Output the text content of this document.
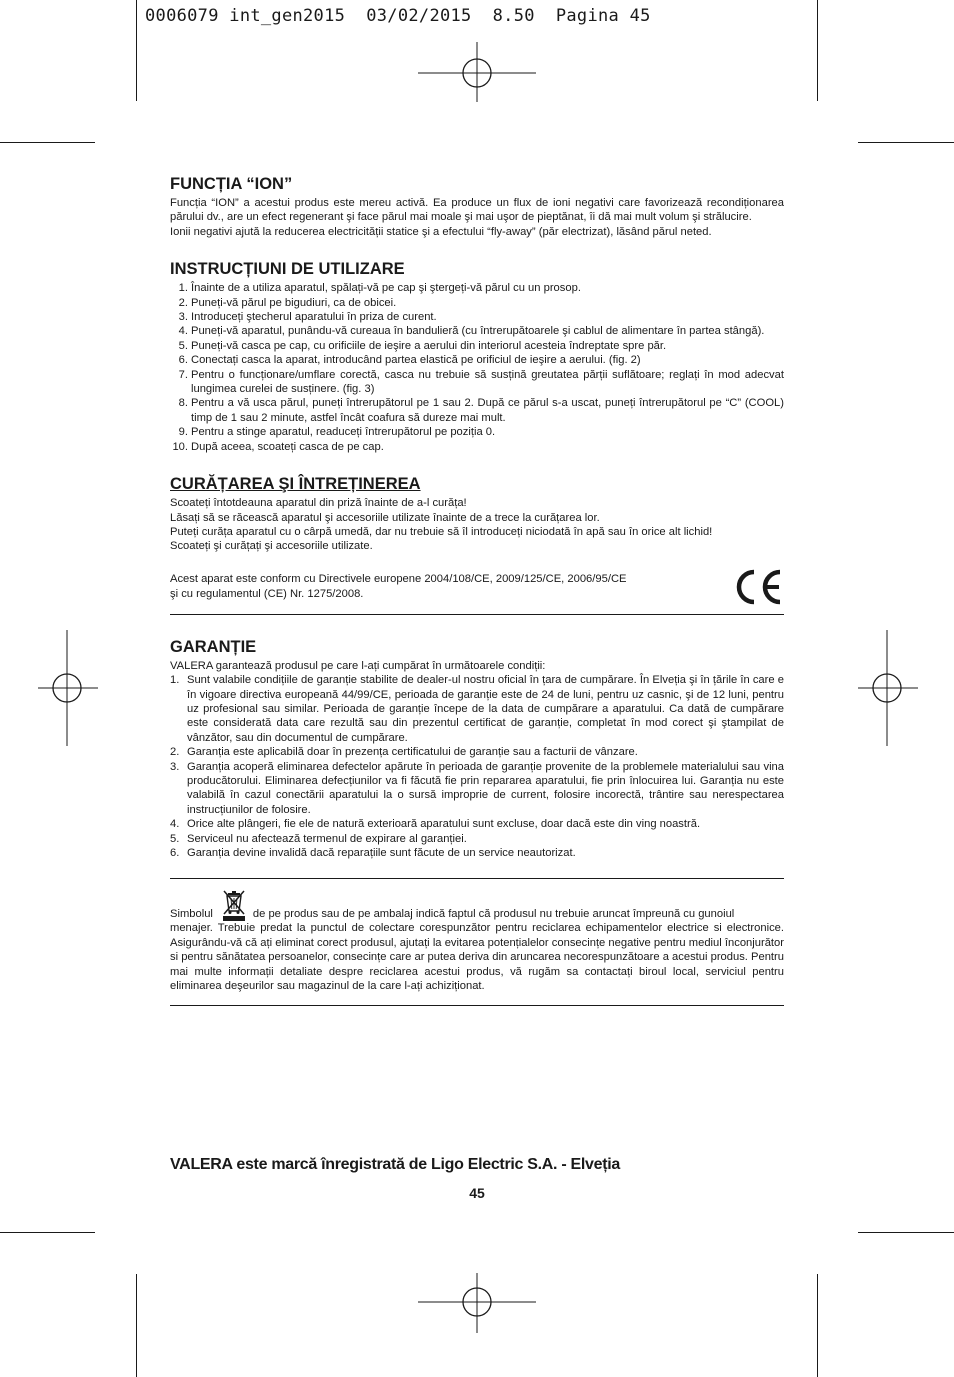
0006079 int_gen2015  03/02/2015  8.50  Pagina 45
FUNCȚIA “ION”

Funcția “ION” a acestui produs este mereu activă. Ea produce un flux de ioni negativi care favorizează recondiționarea părului dv., are un efect regenerant şi face părul mai moale şi mai uşor de pieptănat, îi dă mai mult volum şi strălucire.

Ionii negativi ajută la reducerea electricității statice şi a efectului “fly-away” (păr electrizat), lăsând părul neted.

INSTRUCȚIUNI DE UTILIZARE
1. Înainte de a utiliza aparatul, spălați-vă pe cap şi ştergeți-vă părul cu un prosop.
2. Puneți-vă părul pe bigudiuri, ca de obicei.
3. Introduceți ştecherul aparatului în priza de curent.
4. Puneți-vă aparatul, punându-vă cureaua în bandulieră (cu întrerupătoarele şi cablul de alimentare în partea stângă).
5. Puneți-vă casca pe cap, cu orificiile de ieşire a aerului din interiorul acesteia îndreptate spre păr.
6. Conectați casca la aparat, introducând partea elastică pe orificiul de ieşire a aerului. (fig. 2)
7. Pentru o funcționare/umflare corectă, casca nu trebuie să susțină greutatea părții suflătoare; reglați în mod adecvat lungimea curelei de susținere. (fig. 3)
8. Pentru a vă usca părul, puneți întrerupătorul pe 1 sau 2. După ce părul s-a uscat, puneți întrerupătorul pe “C” (COOL) timp de 1 sau 2 minute, astfel încât coafura să dureze mai mult.
9. Pentru a stinge aparatul, readuceți întrerupătorul pe poziția 0.
10. După aceea, scoateți casca de pe cap.
CURĂȚAREA ŞI ÎNTREȚINEREA

Scoateți întotdeauna aparatul din priză înainte de a-l curăța!

Lăsați să se răcească aparatul şi accesoriile utilizate înainte de a trece la curățarea lor.

Puteți curăța aparatul cu o cârpă umedă, dar nu trebuie să îl introduceți niciodată în apă sau în orice alt lichid!

Scoateți şi curățați şi accesoriile utilizate.

Acest aparat este conform cu Directivele europene 2004/108/CE, 2009/125/CE, 2006/95/CE

şi cu regulamentul (CE) Nr. 1275/2008.

GARANȚIE

VALERA garantează produsul pe care l-ați cumpărat în următoarele condiții:

1. Sunt valabile condițiile de garanție stabilite de dealer-ul nostru oficial în țara de cumpărare. În Elveția şi în țările în care e în vigoare directiva europeană 44/99/CE, perioada de garanție este de 24 de luni, pentru uz casnic, şi de 12 luni, pentru uz profesional sau similar. Perioada de garanție începe de la data de cumpărare a aparatului. Ca dată de cumpărare este considerată data care rezultă sau din prezentul certificat de garanție, completat în mod corect şi ştampilat de vânzător, sau din documentul de cumpărare.
2. Garanția este aplicabilă doar în prezența certificatului de garanție sau a facturii de vânzare.
3. Garanția acoperă eliminarea defectelor apărute în perioada de garanție provenite de la problemele materialului sau vina producătorului. Eliminarea defecțiunilor va fi făcută fie prin repararea aparatului, fie prin înlocuirea lui. Garanția nu este valabilă în cazul conectării aparatului la o sursă improprie de current, folosire incorectă, trântire sau nerespectarea instrucțiunilor de folosire.
4. Orice alte plângeri, fie ele de natură exterioară aparatului sunt excluse, doar dacă este din ving noastră.
5. Serviceul nu afectează termenul de expirare al garanției.
6. Garanția devine invalidă dacă reparațiile sunt făcute de un service neautorizat.
Simbolul	de pe produs sau de pe ambalaj indică faptul că produsul nu trebuie aruncat împreună cu gunoiul

menajer. Trebuie predat la punctul de colectare corespunzător pentru reciclarea echipamentelor electrice si electronice. Asigurându-vă că ați eliminat corect produsul, ajutați la evitarea potențialelor consecințe negative pentru mediul înconjurător si pentru sănătatea persoanelor, consecințe care ar putea deriva din aruncarea necorespunzătoare a acestui produs. Pentru mai multe informații detaliate despre reciclarea acestui produs, vă rugăm sa contactați biroul local, serviciul pentru eliminarea deşeurilor sau magazinul de la care l-ați achiziționat.

VALERA este marcă înregistrată de Ligo Electric S.A. - Elveția
45
